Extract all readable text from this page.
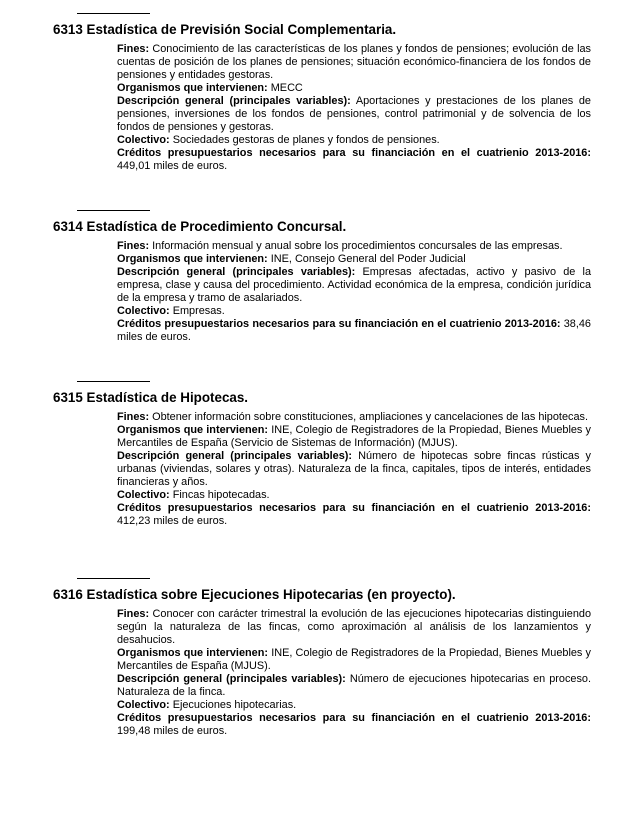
6313 Estadística de Previsión Social Complementaria.

Fines: Conocimiento de las características de los planes y fondos de pensiones; evolución de las cuentas de posición de los planes de pensiones; situación económico-financiera de los fondos de pensiones y entidades gestoras.

Organismos que intervienen: MECC

Descripción general (principales variables): Aportaciones y prestaciones de los planes de pensiones, inversiones de los fondos de pensiones, control patrimonial y de solvencia de los fondos de pensiones y gestoras.

Colectivo: Sociedades gestoras de planes y fondos de pensiones.

Créditos presupuestarios necesarios para su financiación en el cuatrienio 2013-2016: 449,01 miles de euros.

6314 Estadística de Procedimiento Concursal.

Fines: Información mensual y anual sobre los procedimientos concursales de las empresas.

Organismos que intervienen: INE, Consejo General del Poder Judicial

Descripción general (principales variables): Empresas afectadas, activo y pasivo de la empresa, clase y causa del procedimiento. Actividad económica de la empresa, condición jurídica de la empresa y tramo de asalariados.

Colectivo: Empresas.

Créditos presupuestarios necesarios para su financiación en el cuatrienio 2013-2016: 38,46 miles de euros.

6315 Estadística de Hipotecas.

Fines: Obtener información sobre constituciones, ampliaciones y cancelaciones de las hipotecas.

Organismos que intervienen: INE, Colegio de Registradores de la Propiedad, Bienes Muebles y Mercantiles de España (Servicio de Sistemas de Información) (MJUS).

Descripción general (principales variables): Número de hipotecas sobre fincas rústicas y urbanas (viviendas, solares y otras). Naturaleza de la finca, capitales, tipos de interés, entidades financieras y años.

Colectivo: Fincas hipotecadas.

Créditos presupuestarios necesarios para su financiación en el cuatrienio 2013-2016: 412,23 miles de euros.

6316 Estadística sobre Ejecuciones Hipotecarias (en proyecto).

Fines: Conocer con carácter trimestral la evolución de las ejecuciones hipotecarias distinguiendo según la naturaleza de las fincas, como aproximación al análisis de los lanzamientos y desahucios.

Organismos que intervienen: INE, Colegio de Registradores de la Propiedad, Bienes Muebles y Mercantiles de España (MJUS).

Descripción general (principales variables): Número de ejecuciones hipotecarias en proceso. Naturaleza de la finca.

Colectivo: Ejecuciones hipotecarias.

Créditos presupuestarios necesarios para su financiación en el cuatrienio 2013-2016: 199,48 miles de euros.
